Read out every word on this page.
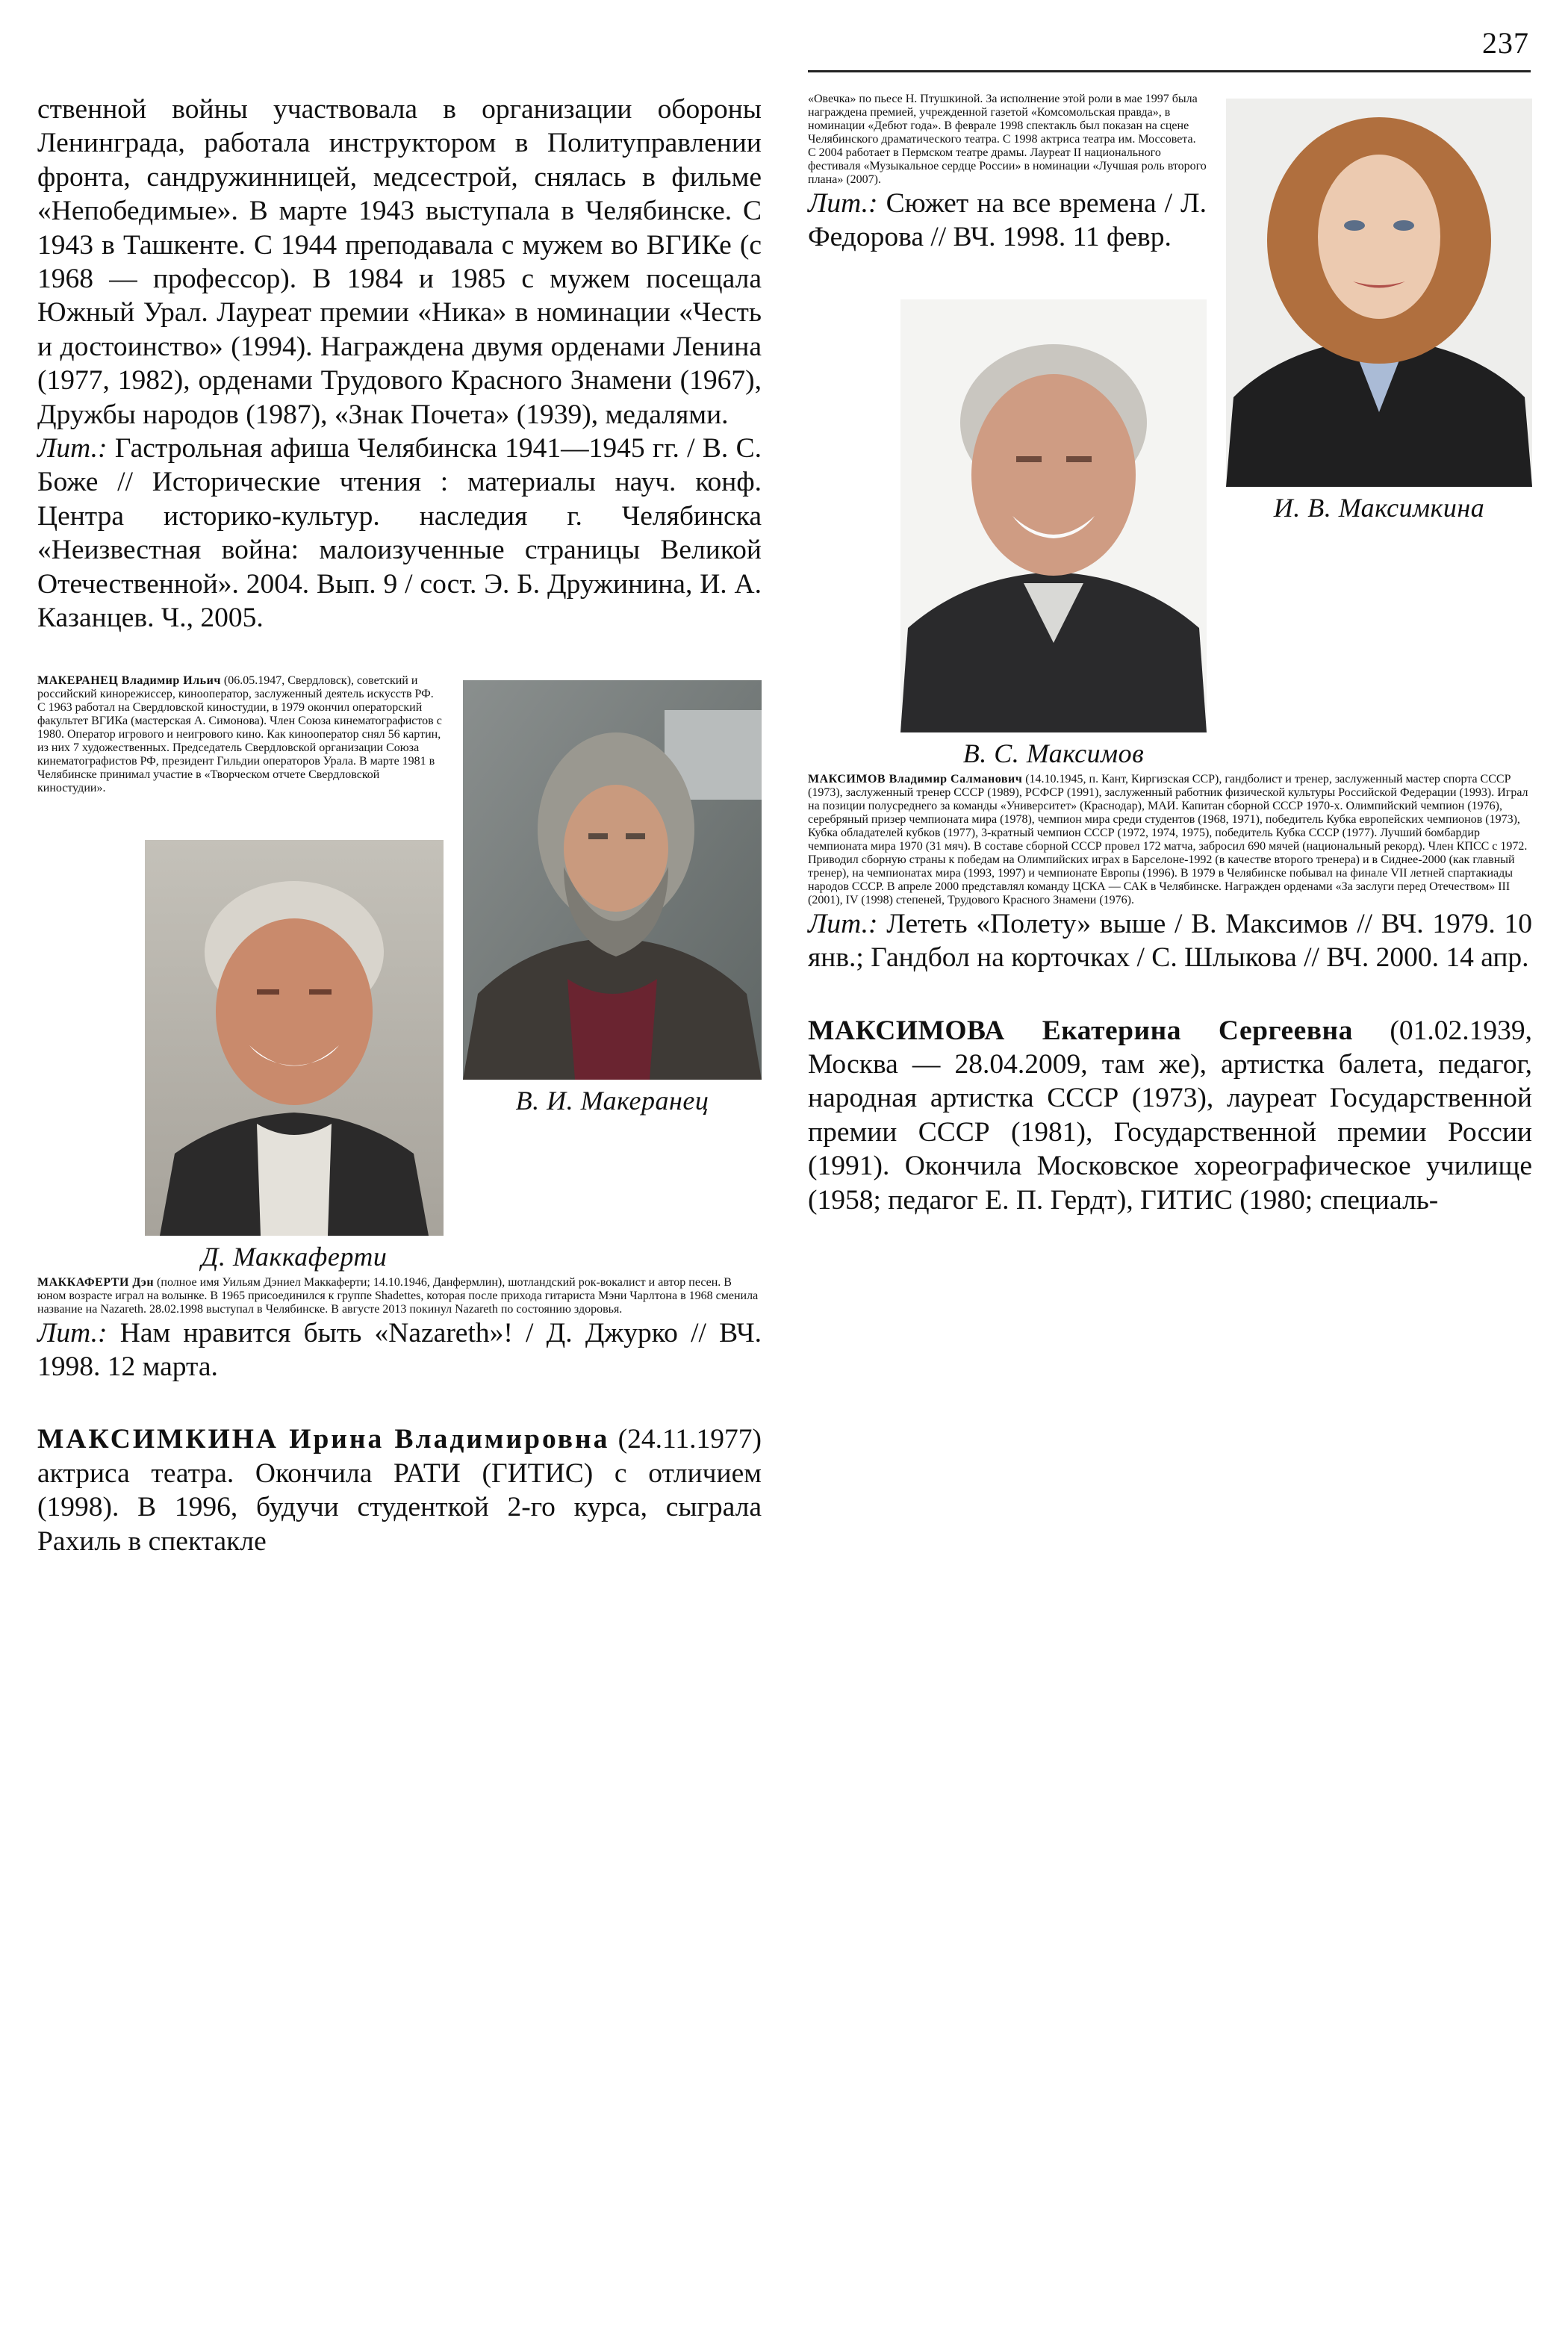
237

ственной войны участвовала в организации обороны Ленинграда, работала инструктором в Политуправлении фронта, сандружинницей, медсестрой, снялась в фильме «Непобедимые». В марте 1943 выступала в Челябинске. С 1943 в Ташкенте. С 1944 преподавала с мужем во ВГИКе (с 1968 — профессор). В 1984 и 1985 с мужем посещала Южный Урал. Лауреат премии «Ника» в номинации «Честь и достоинство» (1994). Награждена двумя орденами Ленина (1977, 1982), орденами Трудового Красного Знамени (1967), Дружбы народов (1987), «Знак Почета» (1939), медалями.

Лит.: Гастрольная афиша Челябинска 1941—1945 гг. / В. С. Боже // Исторические чтения : материалы науч. конф. Центра историко-культур. наследия г. Челябинска «Неизвестная война: малоизученные страницы Великой Отечественной». 2004. Вып. 9 / сост. Э. Б. Дружинина, И. А. Казанцев. Ч., 2005.

В. И. Макеранец
МАКЕРАНЕЦ Владимир Ильич (06.05.1947, Свердловск), советский и российский кинорежиссер, кинооператор, заслуженный деятель искусств РФ. С 1963 работал на Свердловской киностудии, в 1979 окончил операторский факультет ВГИКа (мастерская А. Симонова). Член Союза кинематографистов с 1980. Оператор игрового и неигрового кино. Как кинооператор снял 56 картин, из них 7 художественных. Председатель Свердловской организации Союза кинематографистов РФ, президент Гильдии операторов Урала. В марте 1981 в Челябинске принимал участие в «Творческом отчете Свердловской киностудии».

Д. Маккаферти
МАККАФЕРТИ Дэн (полное имя Уильям Дэниел Маккаферти; 14.10.1946, Данфермлин), шотландский рок-вокалист и автор песен. В юном возрасте играл на волынке. В 1965 присоединился к группе Shadettes, которая после прихода гитариста Мэни Чарлтона в 1968 сменила название на Nazareth. 28.02.1998 выступал в Челябинске. В августе 2013 покинул Nazareth по состоянию здоровья.

Лит.: Нам нравится быть «Nazareth»! / Д. Джурко // ВЧ. 1998. 12 марта.

МАКСИМКИНА Ирина Владимировна (24.11.1977) актриса театра. Окончила РАТИ (ГИТИС) с отличием (1998). В 1996, будучи студенткой 2-го курса, сыграла Рахиль в спектакле

И. В. Максимкина
«Овечка» по пьесе Н. Птушкиной. За исполнение этой роли в мае 1997 была награждена премией, учрежденной газетой «Комсомольская правда», в номинации «Дебют года». В феврале 1998 спектакль был показан на сцене Челябинского драматического театра. С 1998 актриса театра им. Моссовета. С 2004 работает в Пермском театре драмы. Лауреат II национального фестиваля «Музыкальное сердце России» в номинации «Лучшая роль второго плана» (2007).

Лит.: Сюжет на все времена / Л. Федорова // ВЧ. 1998. 11 февр.

В. С. Максимов
МАКСИМОВ Владимир Салманович (14.10.1945, п. Кант, Киргизская ССР), гандболист и тренер, заслуженный мастер спорта СССР (1973), заслуженный тренер СССР (1989), РСФСР (1991), заслуженный работник физической культуры Российской Федерации (1993). Играл на позиции полусреднего за команды «Университет» (Краснодар), МАИ. Капитан сборной СССР 1970-х. Олимпийский чемпион (1976), серебряный призер чемпионата мира (1978), чемпион мира среди студентов (1968, 1971), победитель Кубка европейских чемпионов (1973), Кубка обладателей кубков (1977), 3-кратный чемпион СССР (1972, 1974, 1975), победитель Кубка СССР (1977). Лучший бомбардир чемпионата мира 1970 (31 мяч). В составе сборной СССР провел 172 матча, забросил 690 мячей (национальный рекорд). Член КПСС с 1972. Приводил сборную страны к победам на Олимпийских играх в Барселоне-1992 (в качестве второго тренера) и в Сиднее-2000 (как главный тренер), на чемпионатах мира (1993, 1997) и чемпионате Европы (1996). В 1979 в Челябинске побывал на финале VII летней спартакиады народов СССР. В апреле 2000 представлял команду ЦСКА — САК в Челябинске. Награжден орденами «За заслуги перед Отечеством» III (2001), IV (1998) степеней, Трудового Красного Знамени (1976).

Лит.: Лететь «Полету» выше / В. Максимов // ВЧ. 1979. 10 янв.; Гандбол на корточках / С. Шлыкова // ВЧ. 2000. 14 апр.

МАКСИМОВА Екатерина Сергеевна (01.02.1939, Москва — 28.04.2009, там же), артистка балета, педагог, народная артистка СССР (1973), лауреат Государственной премии СССР (1981), Государственной премии России (1991). Окончила Московское хореографическое училище (1958; педагог Е. П. Гердт), ГИТИС (1980; специаль-
